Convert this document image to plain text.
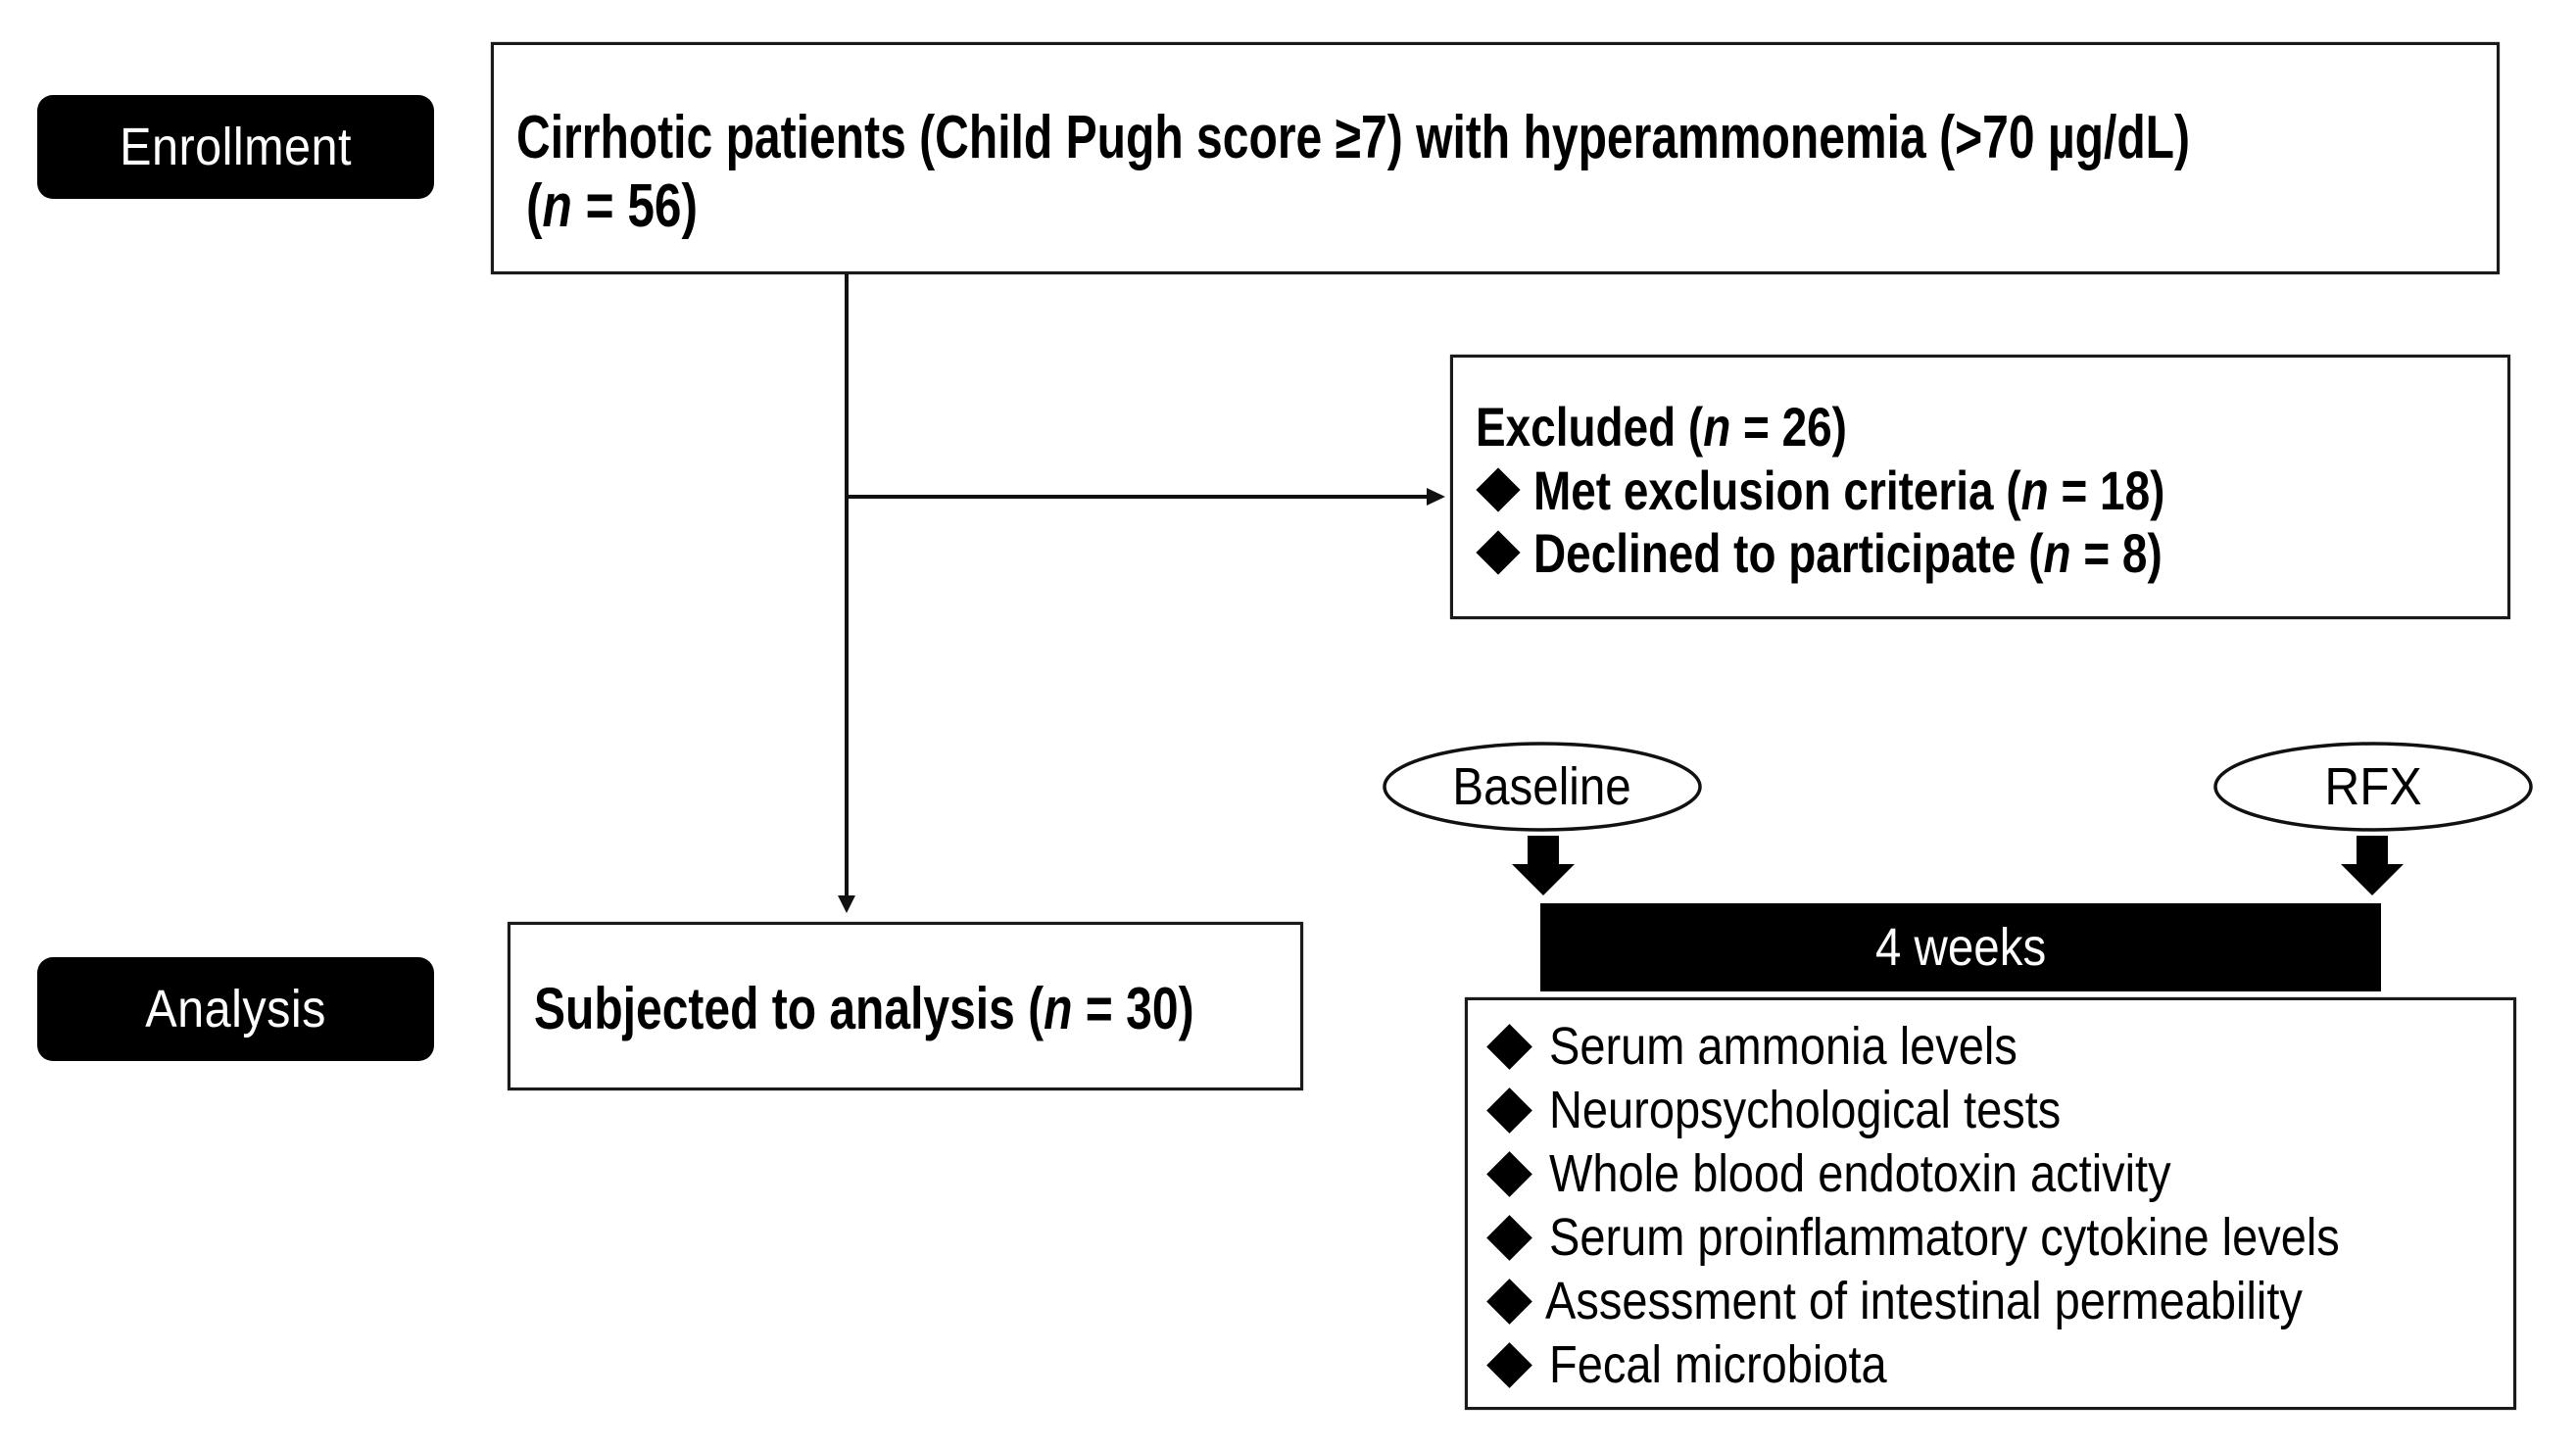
Enrollment
Analysis
Cirrhotic patients (Child Pugh score ≥7) with hyperammonemia (>70 µg/dL)
(n = 56)
Excluded (n = 26)
Met exclusion criteria (n = 18)
Declined to participate (n = 8)
Subjected to analysis (n = 30)
Baseline	RFX
4 weeks
Serum ammonia levels
Neuropsychological tests
Whole blood endotoxin activity
Serum proinflammatory cytokine levels
Assessment of intestinal permeability
Fecal microbiota
